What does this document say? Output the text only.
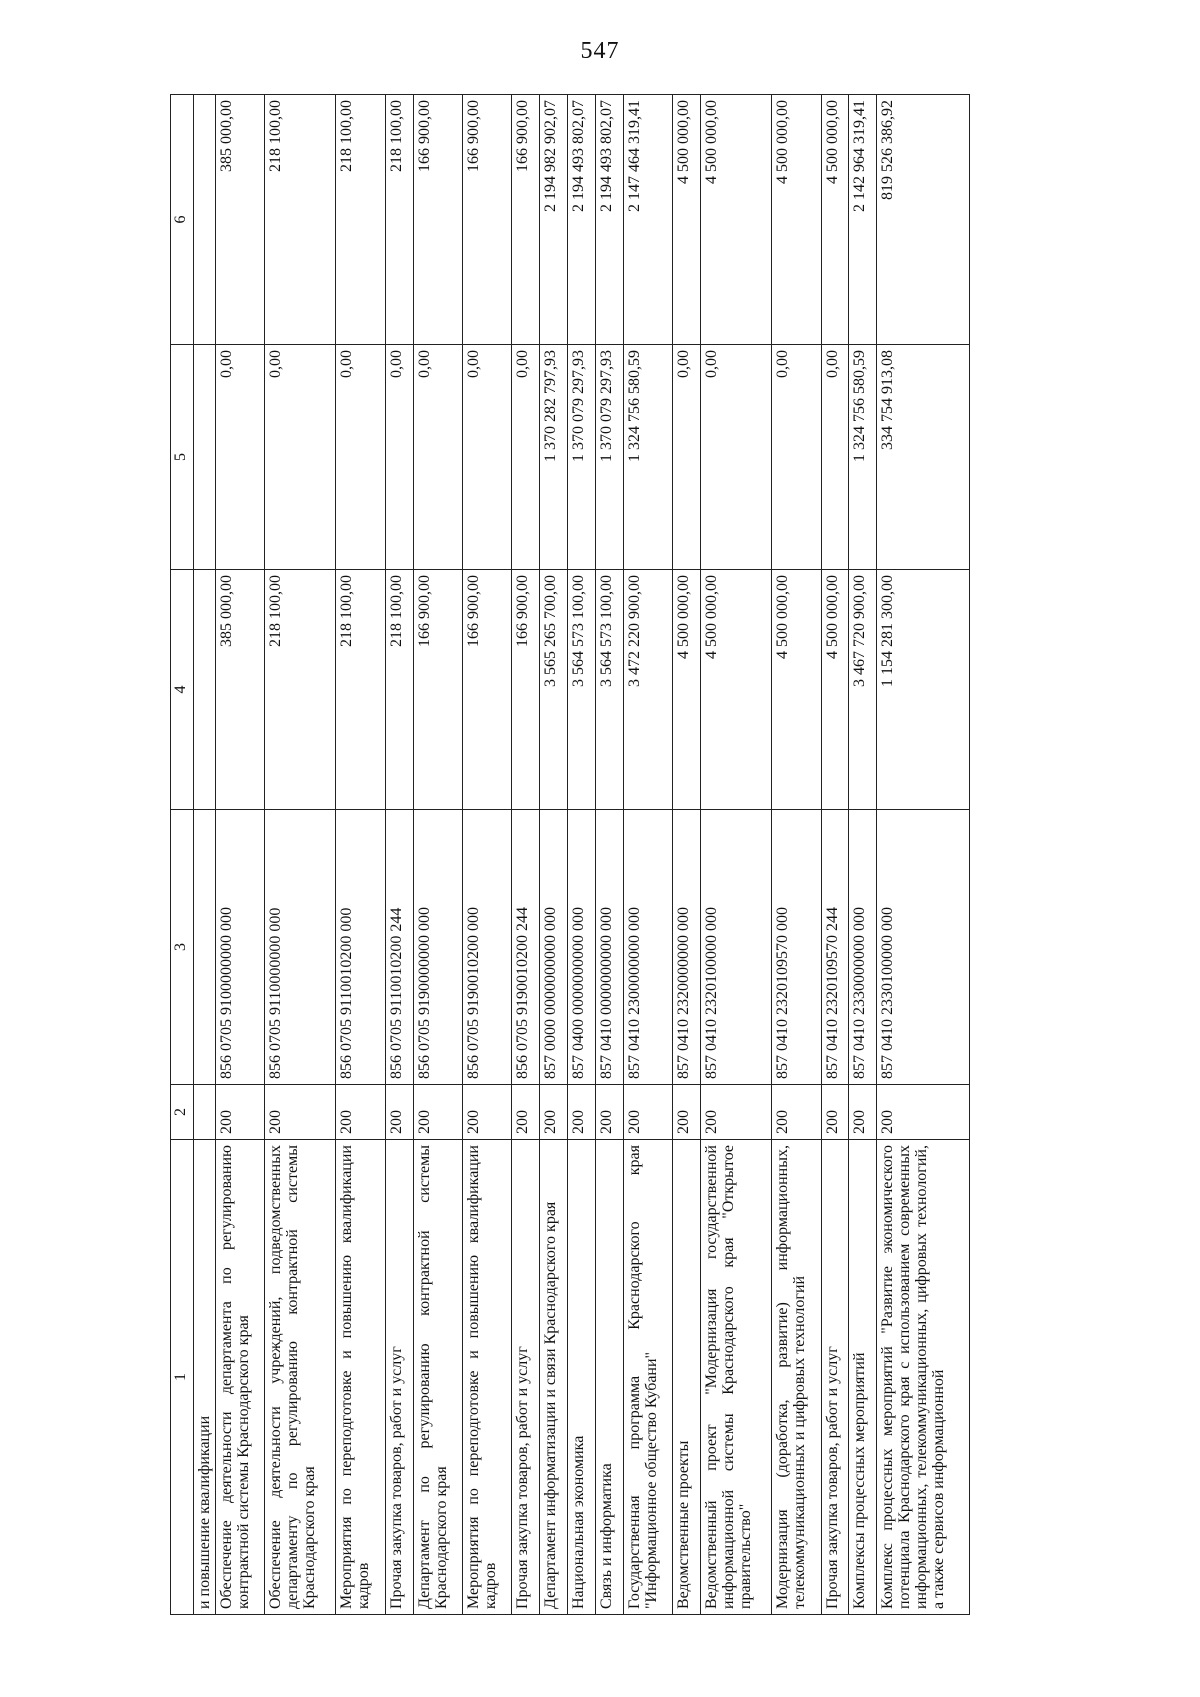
547
1	2	3	4	5	6
и повышение квалификации					
Обеспечение деятельности департамента по регулированию контрактной системы Краснодарского края	200	856 0705 9100000000 000	385 000,00	0,00	385 000,00
Обеспечение деятельности учреждений, подведомственных департаменту по регулированию контрактной системы Краснодарского края	200	856 0705 9110000000 000	218 100,00	0,00	218 100,00
Мероприятия по переподготовке и повышению квалификации кадров	200	856 0705 9110010200 000	218 100,00	0,00	218 100,00
Прочая закупка товаров, работ и услуг	200	856 0705 9110010200 244	218 100,00	0,00	218 100,00
Департамент по регулированию контрактной системы Краснодарского края	200	856 0705 9190000000 000	166 900,00	0,00	166 900,00
Мероприятия по переподготовке и повышению квалификации кадров	200	856 0705 9190010200 000	166 900,00	0,00	166 900,00
Прочая закупка товаров, работ и услуг	200	856 0705 9190010200 244	166 900,00	0,00	166 900,00
Департамент информатизации и связи Краснодарского края	200	857 0000 0000000000 000	3 565 265 700,00	1 370 282 797,93	2 194 982 902,07
Национальная экономика	200	857 0400 0000000000 000	3 564 573 100,00	1 370 079 297,93	2 194 493 802,07
Связь и информатика	200	857 0410 0000000000 000	3 564 573 100,00	1 370 079 297,93	2 194 493 802,07
Государственная программа Краснодарского края "Информационное общество Кубани"	200	857 0410 2300000000 000	3 472 220 900,00	1 324 756 580,59	2 147 464 319,41
Ведомственные проекты	200	857 0410 2320000000 000	4 500 000,00	0,00	4 500 000,00
Ведомственный проект "Модернизация государственной информационной системы Краснодарского края "Открытое правительство"	200	857 0410 2320100000 000	4 500 000,00	0,00	4 500 000,00
Модернизация (доработка, развитие) информационных, телекоммуникационных и цифровых технологий	200	857 0410 2320109570 000	4 500 000,00	0,00	4 500 000,00
Прочая закупка товаров, работ и услуг	200	857 0410 2320109570 244	4 500 000,00	0,00	4 500 000,00
Комплексы процессных мероприятий	200	857 0410 2330000000 000	3 467 720 900,00	1 324 756 580,59	2 142 964 319,41
Комплекс процессных мероприятий "Развитие экономического потенциала Краснодарского края с использованием современных информационных, телекоммуникационных, цифровых технологий, а также сервисов информационной	200	857 0410 2330100000 000	1 154 281 300,00	334 754 913,08	819 526 386,92
